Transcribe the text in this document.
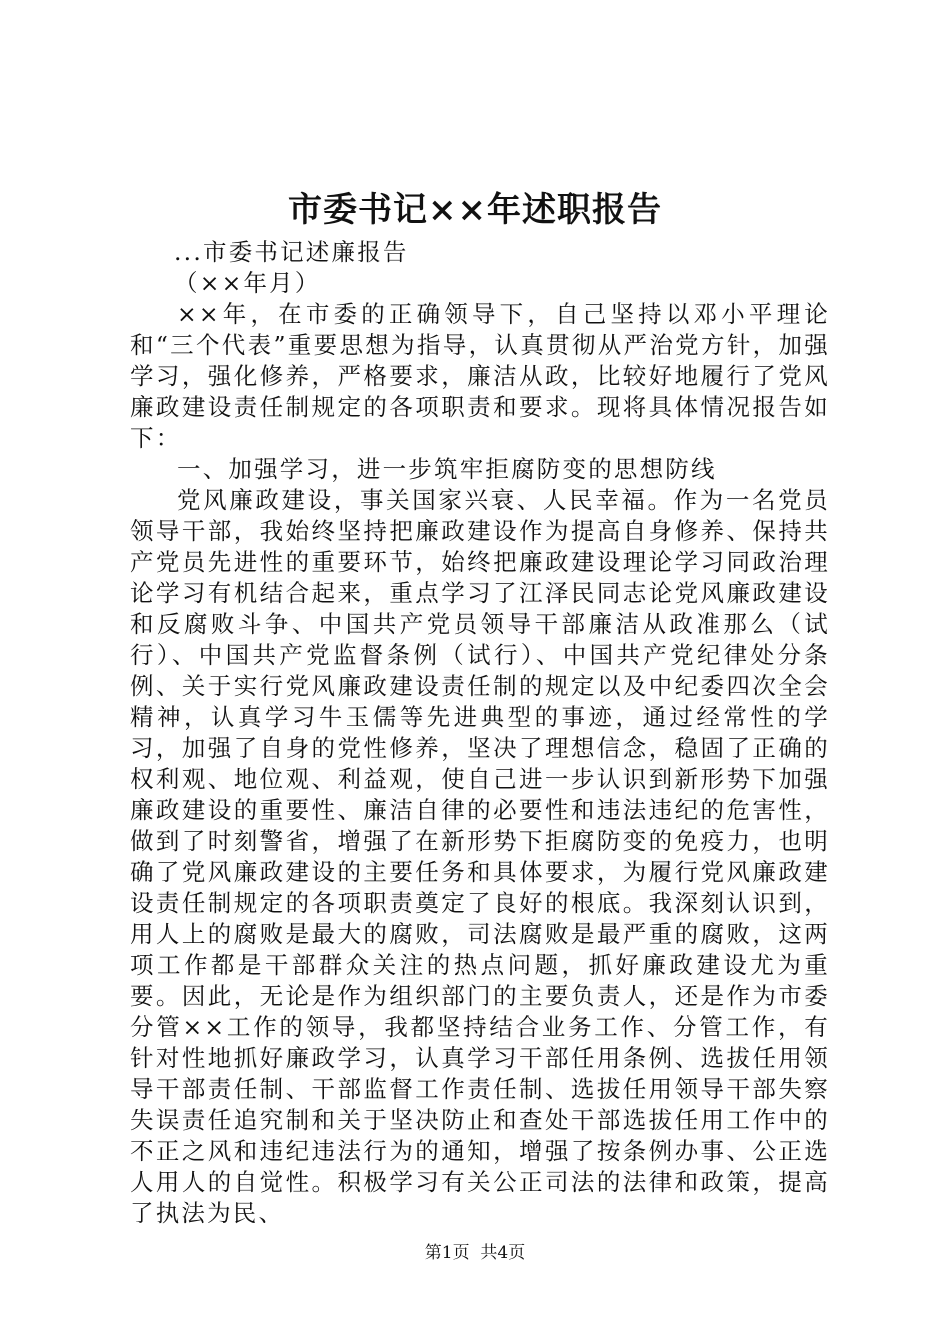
市委书记××年述职报告

...市委书记述廉报告

（××年月）

××年，在市委的正确领导下，自己坚持以邓小平理论和“三个代表”重要思想为指导，认真贯彻从严治党方针，加强学习，强化修养，严格要求，廉洁从政，比较好地履行了党风廉政建设责任制规定的各项职责和要求。现将具体情况报告如下：

一、加强学习，进一步筑牢拒腐防变的思想防线

党风廉政建设，事关国家兴衰、人民幸福。作为一名党员领导干部，我始终坚持把廉政建设作为提高自身修养、保持共产党员先进性的重要环节，始终把廉政建设理论学习同政治理论学习有机结合起来，重点学习了江泽民同志论党风廉政建设和反腐败斗争、中国共产党员领导干部廉洁从政准那么（试行）、中国共产党监督条例（试行）、中国共产党纪律处分条例、关于实行党风廉政建设责任制的规定以及中纪委四次全会精神，认真学习牛玉儒等先进典型的事迹，通过经常性的学习，加强了自身的党性修养，坚决了理想信念，稳固了正确的权利观、地位观、利益观，使自己进一步认识到新形势下加强廉政建设的重要性、廉洁自律的必要性和违法违纪的危害性，做到了时刻警省，增强了在新形势下拒腐防变的免疫力，也明确了党风廉政建设的主要任务和具体要求，为履行党风廉政建设责任制规定的各项职责奠定了良好的根底。我深刻认识到，用人上的腐败是最大的腐败，司法腐败是最严重的腐败，这两项工作都是干部群众关注的热点问题，抓好廉政建设尤为重要。因此，无论是作为组织部门的主要负责人，还是作为市委分管××工作的领导，我都坚持结合业务工作、分管工作，有针对性地抓好廉政学习，认真学习干部任用条例、选拔任用领导干部责任制、干部监督工作责任制、选拔任用领导干部失察失误责任追究制和关于坚决防止和查处干部选拔任用工作中的不正之风和违纪违法行为的通知，增强了按条例办事、公正选人用人的自觉性。积极学习有关公正司法的法律和政策，提高了执法为民、

第1页  共4页
